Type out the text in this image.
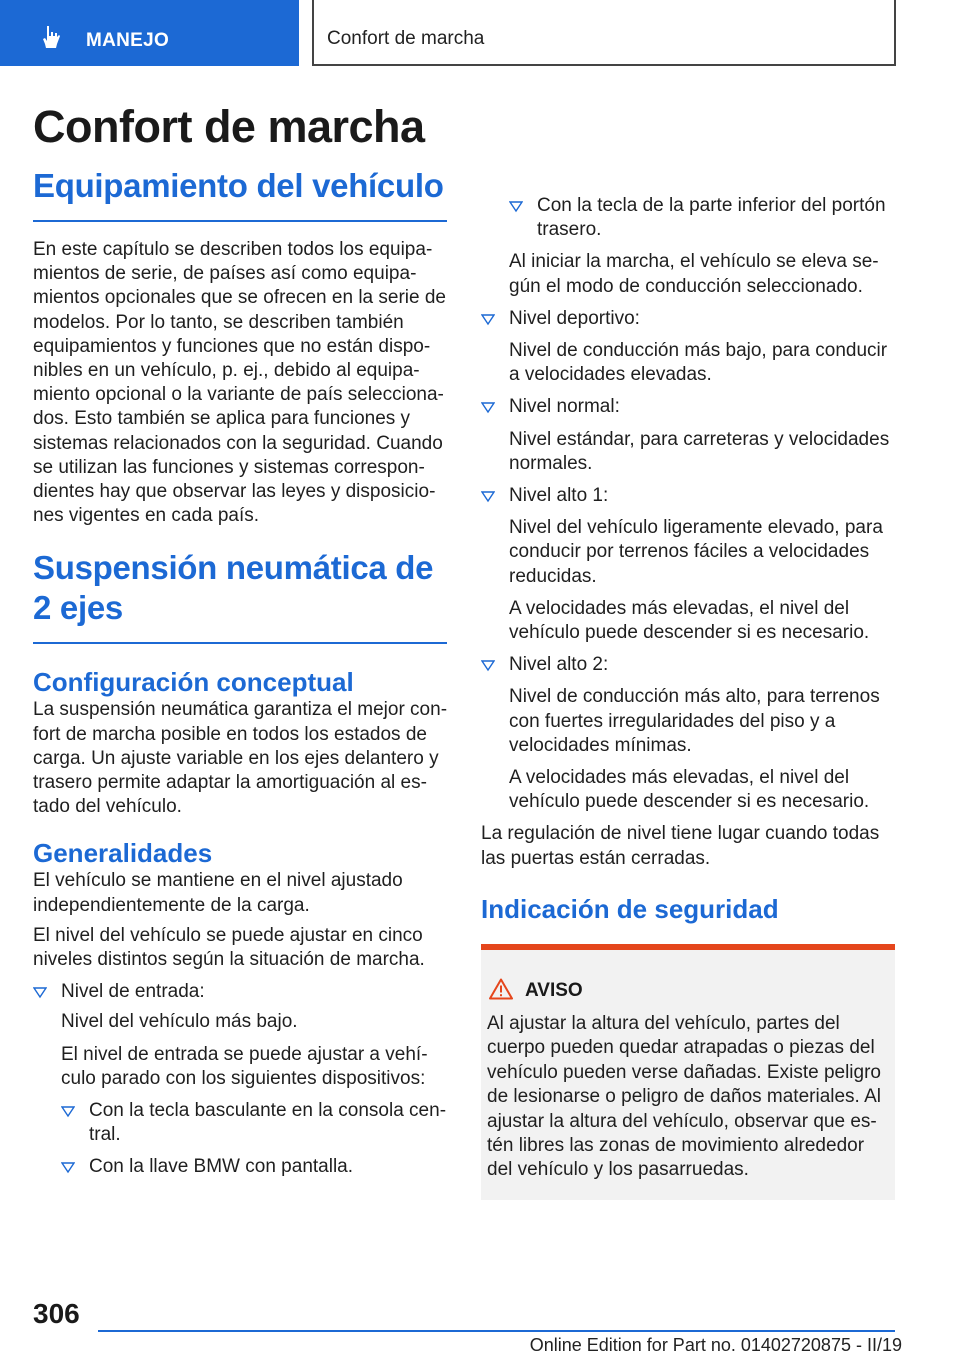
MANEJO	Confort de marcha
Confort de marcha
Equipamiento del vehículo
En este capítulo se describen todos los equipamientos de serie, de países así como equipamientos opcionales que se ofrecen en la serie de modelos. Por lo tanto, se describen también equipamientos y funciones que no están disponibles en un vehículo, p. ej., debido al equipamiento opcional o la variante de país seleccionados. Esto también se aplica para funciones y sistemas relacionados con la seguridad. Cuando se utilizan las funciones y sistemas correspondientes hay que observar las leyes y disposiciones vigentes en cada país.
Suspensión neumática de 2 ejes
Configuración conceptual
La suspensión neumática garantiza el mejor confort de marcha posible en todos los estados de carga. Un ajuste variable en los ejes delantero y trasero permite adaptar la amortiguación al estado del vehículo.
Generalidades
El vehículo se mantiene en el nivel ajustado independientemente de la carga.
El nivel del vehículo se puede ajustar en cinco niveles distintos según la situación de marcha.
Nivel de entrada:
Nivel del vehículo más bajo.
El nivel de entrada se puede ajustar a vehículo parado con los siguientes dispositivos:
Con la tecla basculante en la consola central.
Con la llave BMW con pantalla.
Con la tecla de la parte inferior del portón trasero.
Al iniciar la marcha, el vehículo se eleva según el modo de conducción seleccionado.
Nivel deportivo:
Nivel de conducción más bajo, para conducir a velocidades elevadas.
Nivel normal:
Nivel estándar, para carreteras y velocidades normales.
Nivel alto 1:
Nivel del vehículo ligeramente elevado, para conducir por terrenos fáciles a velocidades reducidas.
A velocidades más elevadas, el nivel del vehículo puede descender si es necesario.
Nivel alto 2:
Nivel de conducción más alto, para terrenos con fuertes irregularidades del piso y a velocidades mínimas.
A velocidades más elevadas, el nivel del vehículo puede descender si es necesario.
La regulación de nivel tiene lugar cuando todas las puertas están cerradas.
Indicación de seguridad
AVISO
Al ajustar la altura del vehículo, partes del cuerpo pueden quedar atrapadas o piezas del vehículo pueden verse dañadas. Existe peligro de lesionarse o peligro de daños materiales. Al ajustar la altura del vehículo, observar que estén libres las zonas de movimiento alrededor del vehículo y los pasarruedas.
306
Online Edition for Part no. 01402720875 - II/19
